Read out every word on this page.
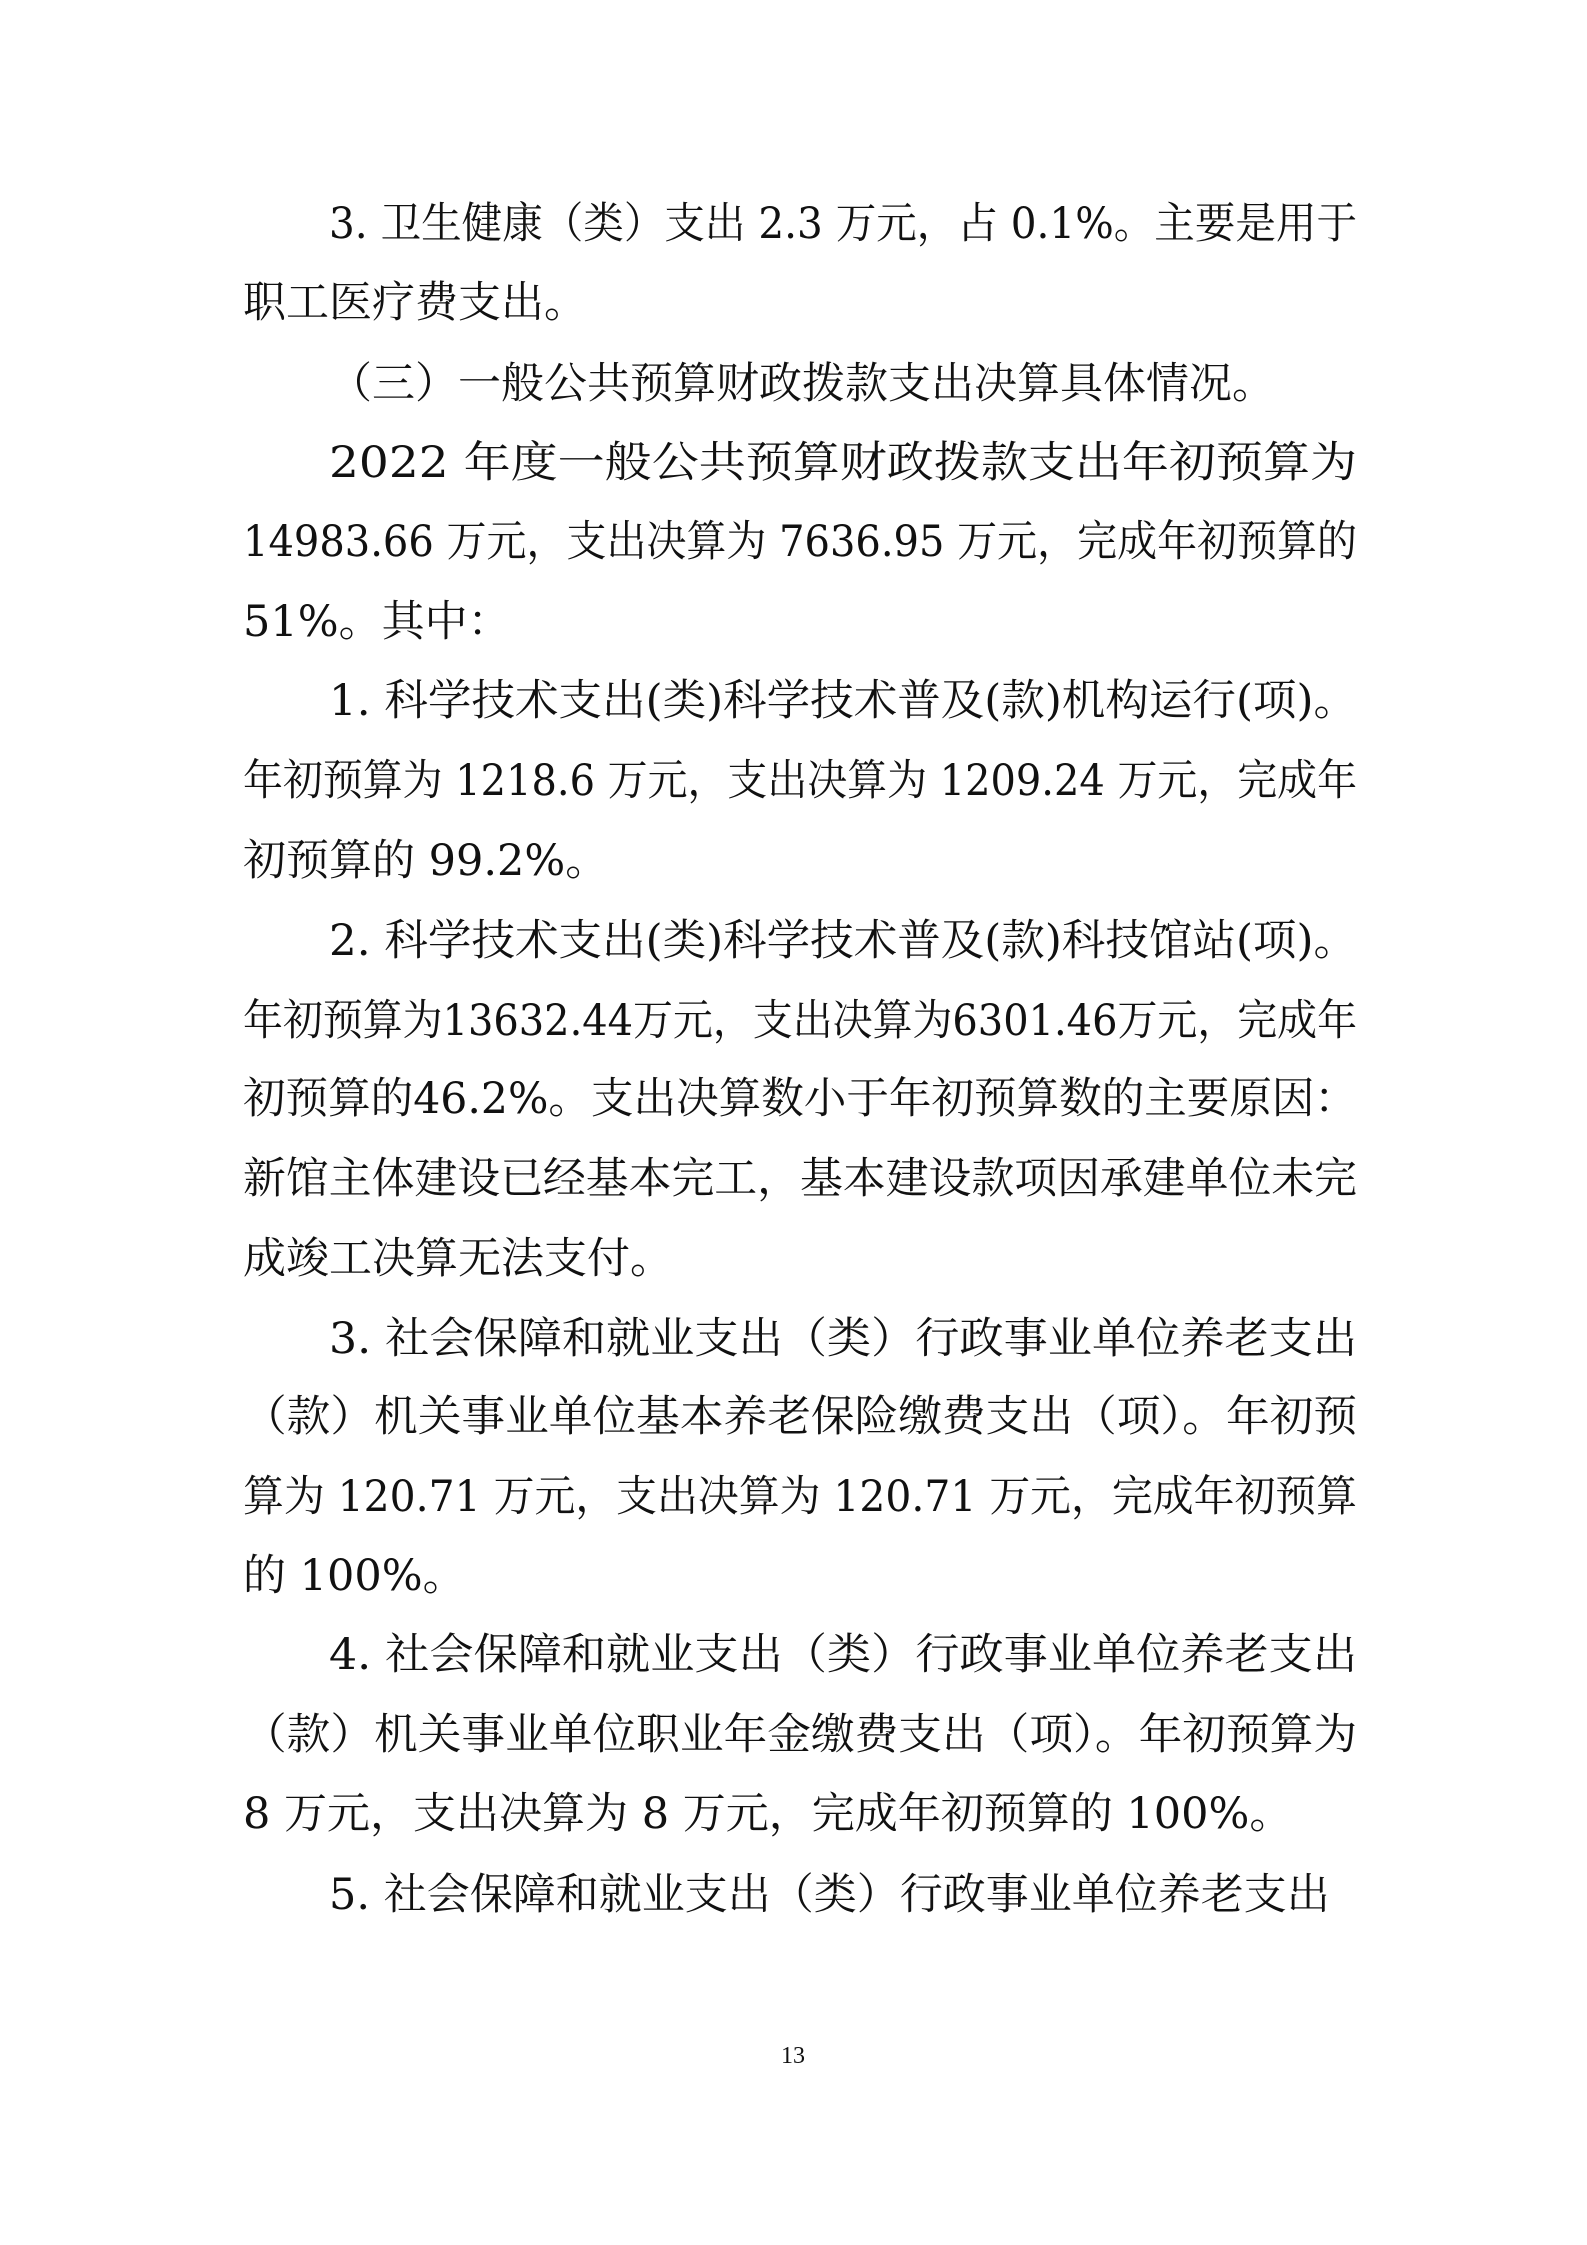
3. 卫生健康（类）支出 2.3 万元，占 0.1%。主要是用于
职工医疗费支出。
（三）一般公共预算财政拨款支出决算具体情况。
2022 年度一般公共预算财政拨款支出年初预算为
14983.66 万元，支出决算为 7636.95 万元，完成年初预算的
51%。其中：
1. 科学技术支出(类)科学技术普及(款)机构运行(项)。
年初预算为 1218.6 万元，支出决算为 1209.24 万元，完成年
初预算的 99.2%。
2. 科学技术支出(类)科学技术普及(款)科技馆站(项)。
年初预算为13632.44万元，支出决算为6301.46万元，完成年
初预算的46.2%。支出决算数小于年初预算数的主要原因：
新馆主体建设已经基本完工，基本建设款项因承建单位未完
成竣工决算无法支付。
3. 社会保障和就业支出（类）行政事业单位养老支出
（款）机关事业单位基本养老保险缴费支出（项）。年初预
算为 120.71 万元，支出决算为 120.71 万元，完成年初预算
的 100%。
4. 社会保障和就业支出（类）行政事业单位养老支出
（款）机关事业单位职业年金缴费支出（项）。年初预算为
8 万元，支出决算为 8 万元，完成年初预算的 100%。
5. 社会保障和就业支出（类）行政事业单位养老支出
13
